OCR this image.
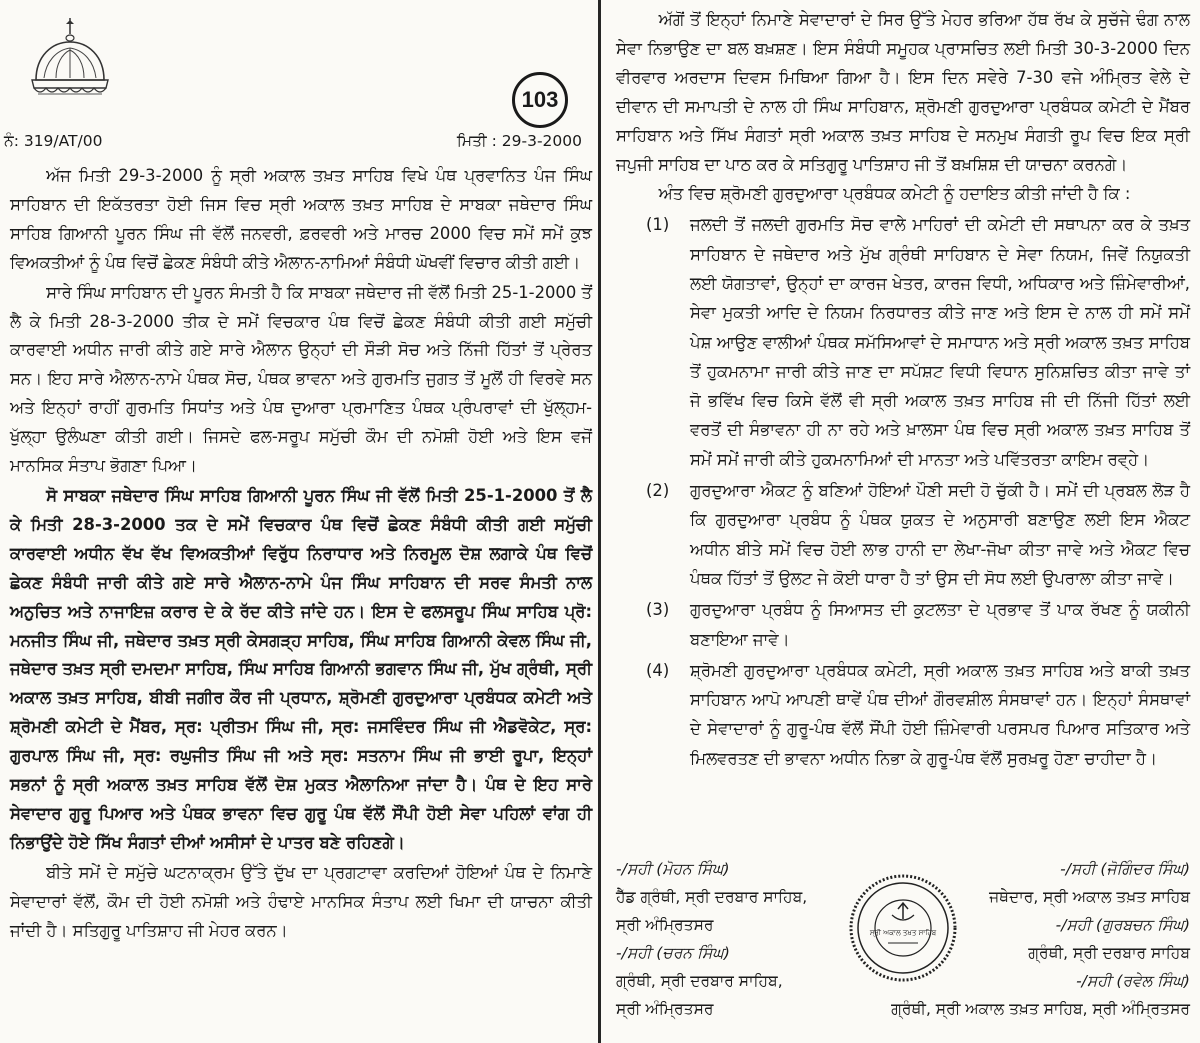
103
ਨੰ: 319/AT/00	ਮਿਤੀ : 29-3-2000

ਅੱਜ ਮਿਤੀ 29-3-2000 ਨੂੰ ਸ੍ਰੀ ਅਕਾਲ ਤਖ਼ਤ ਸਾਹਿਬ ਵਿਖੇ ਪੰਥ ਪ੍ਰਵਾਨਿਤ ਪੰਜ ਸਿੰਘ ਸਾਹਿਬਾਨ ਦੀ ਇਕੱਤਰਤਾ ਹੋਈ ਜਿਸ ਵਿਚ ਸ੍ਰੀ ਅਕਾਲ ਤਖ਼ਤ ਸਾਹਿਬ ਦੇ ਸਾਬਕਾ ਜਥੇਦਾਰ ਸਿੰਘ ਸਾਹਿਬ ਗਿਆਨੀ ਪੂਰਨ ਸਿੰਘ ਜੀ ਵੱਲੋਂ ਜਨਵਰੀ, ਫ਼ਰਵਰੀ ਅਤੇ ਮਾਰਚ 2000 ਵਿਚ ਸਮੇਂ ਸਮੇਂ ਕੁਝ ਵਿਅਕਤੀਆਂ ਨੂੰ ਪੰਥ ਵਿਚੋਂ ਛੇਕਣ ਸੰਬੰਧੀ ਕੀਤੇ ਐਲਾਨ-ਨਾਮਿਆਂ ਸੰਬੰਧੀ ਘੋਖਵੀਂ ਵਿਚਾਰ ਕੀਤੀ ਗਈ।

ਸਾਰੇ ਸਿੰਘ ਸਾਹਿਬਾਨ ਦੀ ਪੂਰਨ ਸੰਮਤੀ ਹੈ ਕਿ ਸਾਬਕਾ ਜਥੇਦਾਰ ਜੀ ਵੱਲੋਂ ਮਿਤੀ 25-1-2000 ਤੋਂ ਲੈ ਕੇ ਮਿਤੀ 28-3-2000 ਤੀਕ ਦੇ ਸਮੇਂ ਵਿਚਕਾਰ ਪੰਥ ਵਿਚੋਂ ਛੇਕਣ ਸੰਬੰਧੀ ਕੀਤੀ ਗਈ ਸਮੁੱਚੀ ਕਾਰਵਾਈ ਅਧੀਨ ਜਾਰੀ ਕੀਤੇ ਗਏ ਸਾਰੇ ਐਲਾਨ ਉਨ੍ਹਾਂ ਦੀ ਸੌੜੀ ਸੋਚ ਅਤੇ ਨਿੱਜੀ ਹਿੱਤਾਂ ਤੋਂ ਪ੍ਰੇਰਤ ਸਨ। ਇਹ ਸਾਰੇ ਐਲਾਨ-ਨਾਮੇ ਪੰਥਕ ਸੋਚ, ਪੰਥਕ ਭਾਵਨਾ ਅਤੇ ਗੁਰਮਤਿ ਜੁਗਤ ਤੋਂ ਮੂਲੋਂ ਹੀ ਵਿਰਵੇ ਸਨ ਅਤੇ ਇਨ੍ਹਾਂ ਰਾਹੀਂ ਗੁਰਮਤਿ ਸਿਧਾਂਤ ਅਤੇ ਪੰਥ ਦੁਆਰਾ ਪ੍ਰਮਾਣਿਤ ਪੰਥਕ ਪ੍ਰੰਪਰਾਵਾਂ ਦੀ ਖੁੱਲ੍ਹਮ-ਖੁੱਲ੍ਹਾ ਉਲੰਘਣਾ ਕੀਤੀ ਗਈ। ਜਿਸਦੇ ਫਲ-ਸਰੂਪ ਸਮੁੱਚੀ ਕੌਮ ਦੀ ਨਮੋਸ਼ੀ ਹੋਈ ਅਤੇ ਇਸ ਵਜੋਂ ਮਾਨਸਿਕ ਸੰਤਾਪ ਭੋਗਣਾ ਪਿਆ।

ਸੋ ਸਾਬਕਾ ਜਥੇਦਾਰ ਸਿੰਘ ਸਾਹਿਬ ਗਿਆਨੀ ਪੂਰਨ ਸਿੰਘ ਜੀ ਵੱਲੋਂ ਮਿਤੀ 25-1-2000 ਤੋਂ ਲੈ ਕੇ ਮਿਤੀ 28-3-2000 ਤਕ ਦੇ ਸਮੇਂ ਵਿਚਕਾਰ ਪੰਥ ਵਿਚੋਂ ਛੇਕਣ ਸੰਬੰਧੀ ਕੀਤੀ ਗਈ ਸਮੁੱਚੀ ਕਾਰਵਾਈ ਅਧੀਨ ਵੱਖ ਵੱਖ ਵਿਅਕਤੀਆਂ ਵਿਰੁੱਧ ਨਿਰਾਧਾਰ ਅਤੇ ਨਿਰਮੂਲ ਦੋਸ਼ ਲਗਾਕੇ ਪੰਥ ਵਿਚੋਂ ਛੇਕਣ ਸੰਬੰਧੀ ਜਾਰੀ ਕੀਤੇ ਗਏ ਸਾਰੇ ਐਲਾਨ-ਨਾਮੇ ਪੰਜ ਸਿੰਘ ਸਾਹਿਬਾਨ ਦੀ ਸਰਵ ਸੰਮਤੀ ਨਾਲ ਅਨੁਚਿਤ ਅਤੇ ਨਾਜਾਇਜ਼ ਕਰਾਰ ਦੇ ਕੇ ਰੱਦ ਕੀਤੇ ਜਾਂਦੇ ਹਨ। ਇਸ ਦੇ ਫਲਸਰੂਪ ਸਿੰਘ ਸਾਹਿਬ ਪ੍ਰੋ: ਮਨਜੀਤ ਸਿੰਘ ਜੀ, ਜਥੇਦਾਰ ਤਖ਼ਤ ਸ੍ਰੀ ਕੇਸਗੜ੍ਹ ਸਾਹਿਬ, ਸਿੰਘ ਸਾਹਿਬ ਗਿਆਨੀ ਕੇਵਲ ਸਿੰਘ ਜੀ, ਜਥੇਦਾਰ ਤਖ਼ਤ ਸ੍ਰੀ ਦਮਦਮਾ ਸਾਹਿਬ, ਸਿੰਘ ਸਾਹਿਬ ਗਿਆਨੀ ਭਗਵਾਨ ਸਿੰਘ ਜੀ, ਮੁੱਖ ਗ੍ਰੰਥੀ, ਸ੍ਰੀ ਅਕਾਲ ਤਖ਼ਤ ਸਾਹਿਬ, ਬੀਬੀ ਜਗੀਰ ਕੌਰ ਜੀ ਪ੍ਰਧਾਨ, ਸ਼੍ਰੋਮਣੀ ਗੁਰਦੁਆਰਾ ਪ੍ਰਬੰਧਕ ਕਮੇਟੀ ਅਤੇ ਸ਼੍ਰੋਮਣੀ ਕਮੇਟੀ ਦੇ ਮੈਂਬਰ, ਸ੍ਰ: ਪ੍ਰੀਤਮ ਸਿੰਘ ਜੀ, ਸ੍ਰ: ਜਸਵਿੰਦਰ ਸਿੰਘ ਜੀ ਐਡਵੋਕੇਟ, ਸ੍ਰ: ਗੁਰਪਾਲ ਸਿੰਘ ਜੀ, ਸ੍ਰ: ਰਘੁਜੀਤ ਸਿੰਘ ਜੀ ਅਤੇ ਸ੍ਰ: ਸਤਨਾਮ ਸਿੰਘ ਜੀ ਭਾਈ ਰੂਪਾ, ਇਨ੍ਹਾਂ ਸਭਨਾਂ ਨੂੰ ਸ੍ਰੀ ਅਕਾਲ ਤਖ਼ਤ ਸਾਹਿਬ ਵੱਲੋਂ ਦੋਸ਼ ਮੁਕਤ ਐਲਾਨਿਆ ਜਾਂਦਾ ਹੈ। ਪੰਥ ਦੇ ਇਹ ਸਾਰੇ ਸੇਵਾਦਾਰ ਗੁਰੂ ਪਿਆਰ ਅਤੇ ਪੰਥਕ ਭਾਵਨਾ ਵਿਚ ਗੁਰੂ ਪੰਥ ਵੱਲੋਂ ਸੌਂਪੀ ਹੋਈ ਸੇਵਾ ਪਹਿਲਾਂ ਵਾਂਗ ਹੀ ਨਿਭਾਉਂਦੇ ਹੋਏ ਸਿੱਖ ਸੰਗਤਾਂ ਦੀਆਂ ਅਸੀਸਾਂ ਦੇ ਪਾਤਰ ਬਣੇ ਰਹਿਣਗੇ।

ਬੀਤੇ ਸਮੇਂ ਦੇ ਸਮੁੱਚੇ ਘਟਨਾਕ੍ਰਮ ਉੱਤੇ ਦੁੱਖ ਦਾ ਪ੍ਰਗਟਾਵਾ ਕਰਦਿਆਂ ਹੋਇਆਂ ਪੰਥ ਦੇ ਨਿਮਾਣੇ ਸੇਵਾਦਾਰਾਂ ਵੱਲੋਂ, ਕੌਮ ਦੀ ਹੋਈ ਨਮੋਸ਼ੀ ਅਤੇ ਹੰਢਾਏ ਮਾਨਸਿਕ ਸੰਤਾਪ ਲਈ ਖਿਮਾ ਦੀ ਯਾਚਨਾ ਕੀਤੀ ਜਾਂਦੀ ਹੈ। ਸਤਿਗੁਰੂ ਪਾਤਿਸ਼ਾਹ ਜੀ ਮੇਹਰ ਕਰਨ।

ਅੱਗੋਂ ਤੋਂ ਇਨ੍ਹਾਂ ਨਿਮਾਣੇ ਸੇਵਾਦਾਰਾਂ ਦੇ ਸਿਰ ਉੱਤੇ ਮੇਹਰ ਭਰਿਆ ਹੱਥ ਰੱਖ ਕੇ ਸੁਚੱਜੇ ਢੰਗ ਨਾਲ ਸੇਵਾ ਨਿਭਾਉਣ ਦਾ ਬਲ ਬਖ਼ਸ਼ਣ। ਇਸ ਸੰਬੰਧੀ ਸਮੂਹਕ ਪ੍ਰਾਸਚਿਤ ਲਈ ਮਿਤੀ 30-3-2000 ਦਿਨ ਵੀਰਵਾਰ ਅਰਦਾਸ ਦਿਵਸ ਮਿਥਿਆ ਗਿਆ ਹੈ। ਇਸ ਦਿਨ ਸਵੇਰੇ 7-30 ਵਜੇ ਅੰਮ੍ਰਿਤ ਵੇਲੇ ਦੇ ਦੀਵਾਨ ਦੀ ਸਮਾਪਤੀ ਦੇ ਨਾਲ ਹੀ ਸਿੰਘ ਸਾਹਿਬਾਨ, ਸ਼੍ਰੋਮਣੀ ਗੁਰਦੁਆਰਾ ਪ੍ਰਬੰਧਕ ਕਮੇਟੀ ਦੇ ਮੈਂਬਰ ਸਾਹਿਬਾਨ ਅਤੇ ਸਿੱਖ ਸੰਗਤਾਂ ਸ੍ਰੀ ਅਕਾਲ ਤਖ਼ਤ ਸਾਹਿਬ ਦੇ ਸਨਮੁਖ ਸੰਗਤੀ ਰੂਪ ਵਿਚ ਇਕ ਸ੍ਰੀ ਜਪੁਜੀ ਸਾਹਿਬ ਦਾ ਪਾਠ ਕਰ ਕੇ ਸਤਿਗੁਰੂ ਪਾਤਿਸ਼ਾਹ ਜੀ ਤੋਂ ਬਖ਼ਸ਼ਿਸ਼ ਦੀ ਯਾਚਨਾ ਕਰਨਗੇ।

ਅੰਤ ਵਿਚ ਸ਼੍ਰੋਮਣੀ ਗੁਰਦੁਆਰਾ ਪ੍ਰਬੰਧਕ ਕਮੇਟੀ ਨੂੰ ਹਦਾਇਤ ਕੀਤੀ ਜਾਂਦੀ ਹੈ ਕਿ :

(1)	ਜਲਦੀ ਤੋਂ ਜਲਦੀ ਗੁਰਮਤਿ ਸੋਚ ਵਾਲੇ ਮਾਹਿਰਾਂ ਦੀ ਕਮੇਟੀ ਦੀ ਸਥਾਪਨਾ ਕਰ ਕੇ ਤਖ਼ਤ ਸਾਹਿਬਾਨ ਦੇ ਜਥੇਦਾਰ ਅਤੇ ਮੁੱਖ ਗ੍ਰੰਥੀ ਸਾਹਿਬਾਨ ਦੇ ਸੇਵਾ ਨਿਯਮ, ਜਿਵੇਂ ਨਿਯੁਕਤੀ ਲਈ ਯੋਗਤਾਵਾਂ, ਉਨ੍ਹਾਂ ਦਾ ਕਾਰਜ ਖੇਤਰ, ਕਾਰਜ ਵਿਧੀ, ਅਧਿਕਾਰ ਅਤੇ ਜ਼ਿੰਮੇਵਾਰੀਆਂ, ਸੇਵਾ ਮੁਕਤੀ ਆਦਿ ਦੇ ਨਿਯਮ ਨਿਰਧਾਰਤ ਕੀਤੇ ਜਾਣ ਅਤੇ ਇਸ ਦੇ ਨਾਲ ਹੀ ਸਮੇਂ ਸਮੇਂ ਪੇਸ਼ ਆਉਣ ਵਾਲੀਆਂ ਪੰਥਕ ਸਮੱਸਿਆਵਾਂ ਦੇ ਸਮਾਧਾਨ ਅਤੇ ਸ੍ਰੀ ਅਕਾਲ ਤਖ਼ਤ ਸਾਹਿਬ ਤੋਂ ਹੁਕਮਨਾਮਾ ਜਾਰੀ ਕੀਤੇ ਜਾਣ ਦਾ ਸਪੱਸ਼ਟ ਵਿਧੀ ਵਿਧਾਨ ਸੁਨਿਸ਼ਚਿਤ ਕੀਤਾ ਜਾਵੇ ਤਾਂ ਜੋ ਭਵਿੱਖ ਵਿਚ ਕਿਸੇ ਵੱਲੋਂ ਵੀ ਸ੍ਰੀ ਅਕਾਲ ਤਖ਼ਤ ਸਾਹਿਬ ਜੀ ਦੀ ਨਿੱਜੀ ਹਿੱਤਾਂ ਲਈ ਵਰਤੋਂ ਦੀ ਸੰਭਾਵਨਾ ਹੀ ਨਾ ਰਹੇ ਅਤੇ ਖ਼ਾਲਸਾ ਪੰਥ ਵਿਚ ਸ੍ਰੀ ਅਕਾਲ ਤਖ਼ਤ ਸਾਹਿਬ ਤੋਂ ਸਮੇਂ ਸਮੇਂ ਜਾਰੀ ਕੀਤੇ ਹੁਕਮਨਾਮਿਆਂ ਦੀ ਮਾਨਤਾ ਅਤੇ ਪਵਿੱਤਰਤਾ ਕਾਇਮ ਰਵ੍ਹੇ।
(2)	ਗੁਰਦੁਆਰਾ ਐਕਟ ਨੂੰ ਬਣਿਆਂ ਹੋਇਆਂ ਪੌਣੀ ਸਦੀ ਹੋ ਚੁੱਕੀ ਹੈ। ਸਮੇਂ ਦੀ ਪ੍ਰਬਲ ਲੋੜ ਹੈ ਕਿ ਗੁਰਦੁਆਰਾ ਪ੍ਰਬੰਧ ਨੂੰ ਪੰਥਕ ਯੁਕਤ ਦੇ ਅਨੁਸਾਰੀ ਬਣਾਉਣ ਲਈ ਇਸ ਐਕਟ ਅਧੀਨ ਬੀਤੇ ਸਮੇਂ ਵਿਚ ਹੋਈ ਲਾਭ ਹਾਨੀ ਦਾ ਲੇਖਾ-ਜੋਖਾ ਕੀਤਾ ਜਾਵੇ ਅਤੇ ਐਕਟ ਵਿਚ ਪੰਥਕ ਹਿੱਤਾਂ ਤੋਂ ਉਲਟ ਜੇ ਕੋਈ ਧਾਰਾ ਹੈ ਤਾਂ ਉਸ ਦੀ ਸੋਧ ਲਈ ਉਪਰਾਲਾ ਕੀਤਾ ਜਾਵੇ।
(3)	ਗੁਰਦੁਆਰਾ ਪ੍ਰਬੰਧ ਨੂੰ ਸਿਆਸਤ ਦੀ ਕੁਟਲਤਾ ਦੇ ਪ੍ਰਭਾਵ ਤੋਂ ਪਾਕ ਰੱਖਣ ਨੂੰ ਯਕੀਨੀ ਬਣਾਇਆ ਜਾਵੇ।
(4)	ਸ਼੍ਰੋਮਣੀ ਗੁਰਦੁਆਰਾ ਪ੍ਰਬੰਧਕ ਕਮੇਟੀ, ਸ੍ਰੀ ਅਕਾਲ ਤਖ਼ਤ ਸਾਹਿਬ ਅਤੇ ਬਾਕੀ ਤਖ਼ਤ ਸਾਹਿਬਾਨ ਆਪੋ ਆਪਣੀ ਥਾਵੇਂ ਪੰਥ ਦੀਆਂ ਗੌਰਵਸ਼ੀਲ ਸੰਸਥਾਵਾਂ ਹਨ। ਇਨ੍ਹਾਂ ਸੰਸਥਾਵਾਂ ਦੇ ਸੇਵਾਦਾਰਾਂ ਨੂੰ ਗੁਰੂ-ਪੰਥ ਵੱਲੋਂ ਸੌਂਪੀ ਹੋਈ ਜ਼ਿੰਮੇਵਾਰੀ ਪਰਸਪਰ ਪਿਆਰ ਸਤਿਕਾਰ ਅਤੇ ਮਿਲਵਰਤਣ ਦੀ ਭਾਵਨਾ ਅਧੀਨ ਨਿਭਾ ਕੇ ਗੁਰੂ-ਪੰਥ ਵੱਲੋਂ ਸੁਰਖ਼ਰੂ ਹੋਣਾ ਚਾਹੀਦਾ ਹੈ।
-/ਸਹੀ (ਮੋਹਨ ਸਿੰਘ)
ਹੈੱਡ ਗ੍ਰੰਥੀ, ਸ੍ਰੀ ਦਰਬਾਰ ਸਾਹਿਬ,
ਸ੍ਰੀ ਅੰਮ੍ਰਿਤਸਰ
-/ਸਹੀ (ਜੋਗਿੰਦਰ ਸਿੰਘ)
ਜਥੇਦਾਰ, ਸ੍ਰੀ ਅਕਾਲ ਤਖ਼ਤ ਸਾਹਿਬ
-/ਸਹੀ (ਗੁਰਬਚਨ ਸਿੰਘ)
ਗ੍ਰੰਥੀ, ਸ੍ਰੀ ਦਰਬਾਰ ਸਾਹਿਬ
-/ਸਹੀ (ਚਰਨ ਸਿੰਘ)
ਗ੍ਰੰਥੀ, ਸ੍ਰੀ ਦਰਬਾਰ ਸਾਹਿਬ,
ਸ੍ਰੀ ਅੰਮ੍ਰਿਤਸਰ
-/ਸਹੀ (ਰਵੇਲ ਸਿੰਘ)
ਗ੍ਰੰਥੀ, ਸ੍ਰੀ ਅਕਾਲ ਤਖ਼ਤ ਸਾਹਿਬ, ਸ੍ਰੀ ਅੰਮ੍ਰਿਤਸਰ
ਸ੍ਰੀ ਅਕਾਲ ਤਖ਼ਤ ਸਾਹਿਬ
